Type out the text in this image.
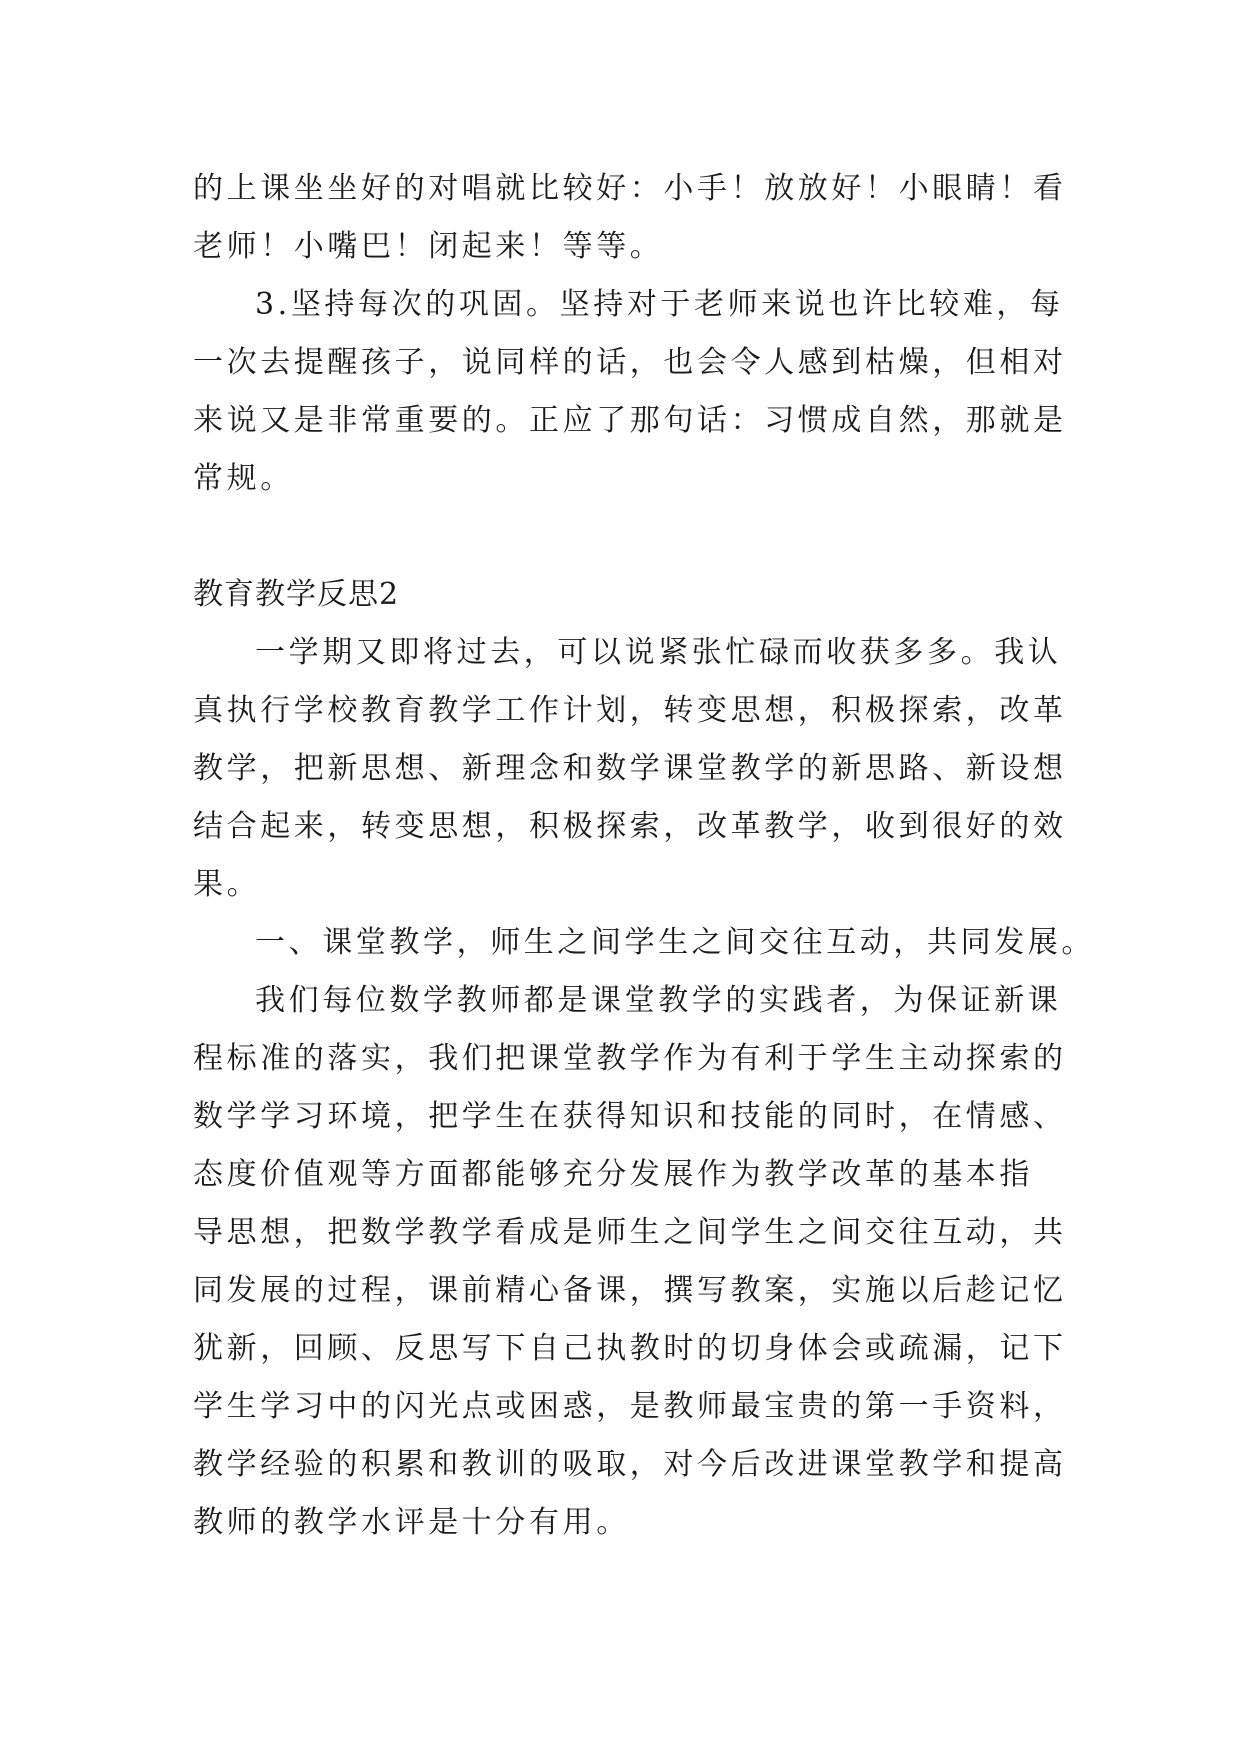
的上课坐坐好的对唱就比较好：小手！放放好！小眼睛！看
老师！小嘴巴！闭起来！等等。
3.坚持每次的巩固。坚持对于老师来说也许比较难，每
一次去提醒孩子，说同样的话，也会令人感到枯燥，但相对
来说又是非常重要的。正应了那句话：习惯成自然，那就是
常规。
教育教学反思2
一学期又即将过去，可以说紧张忙碌而收获多多。我认
真执行学校教育教学工作计划，转变思想，积极探索，改革
教学，把新思想、新理念和数学课堂教学的新思路、新设想
结合起来，转变思想，积极探索，改革教学，收到很好的效
果。
一、课堂教学，师生之间学生之间交往互动，共同发展。
我们每位数学教师都是课堂教学的实践者，为保证新课
程标准的落实，我们把课堂教学作为有利于学生主动探索的
数学学习环境，把学生在获得知识和技能的同时，在情感、
态度价值观等方面都能够充分发展作为教学改革的基本指
导思想，把数学教学看成是师生之间学生之间交往互动，共
同发展的过程，课前精心备课，撰写教案，实施以后趁记忆
犹新，回顾、反思写下自己执教时的切身体会或疏漏，记下
学生学习中的闪光点或困惑，是教师最宝贵的第一手资料，
教学经验的积累和教训的吸取，对今后改进课堂教学和提高
教师的教学水评是十分有用。
